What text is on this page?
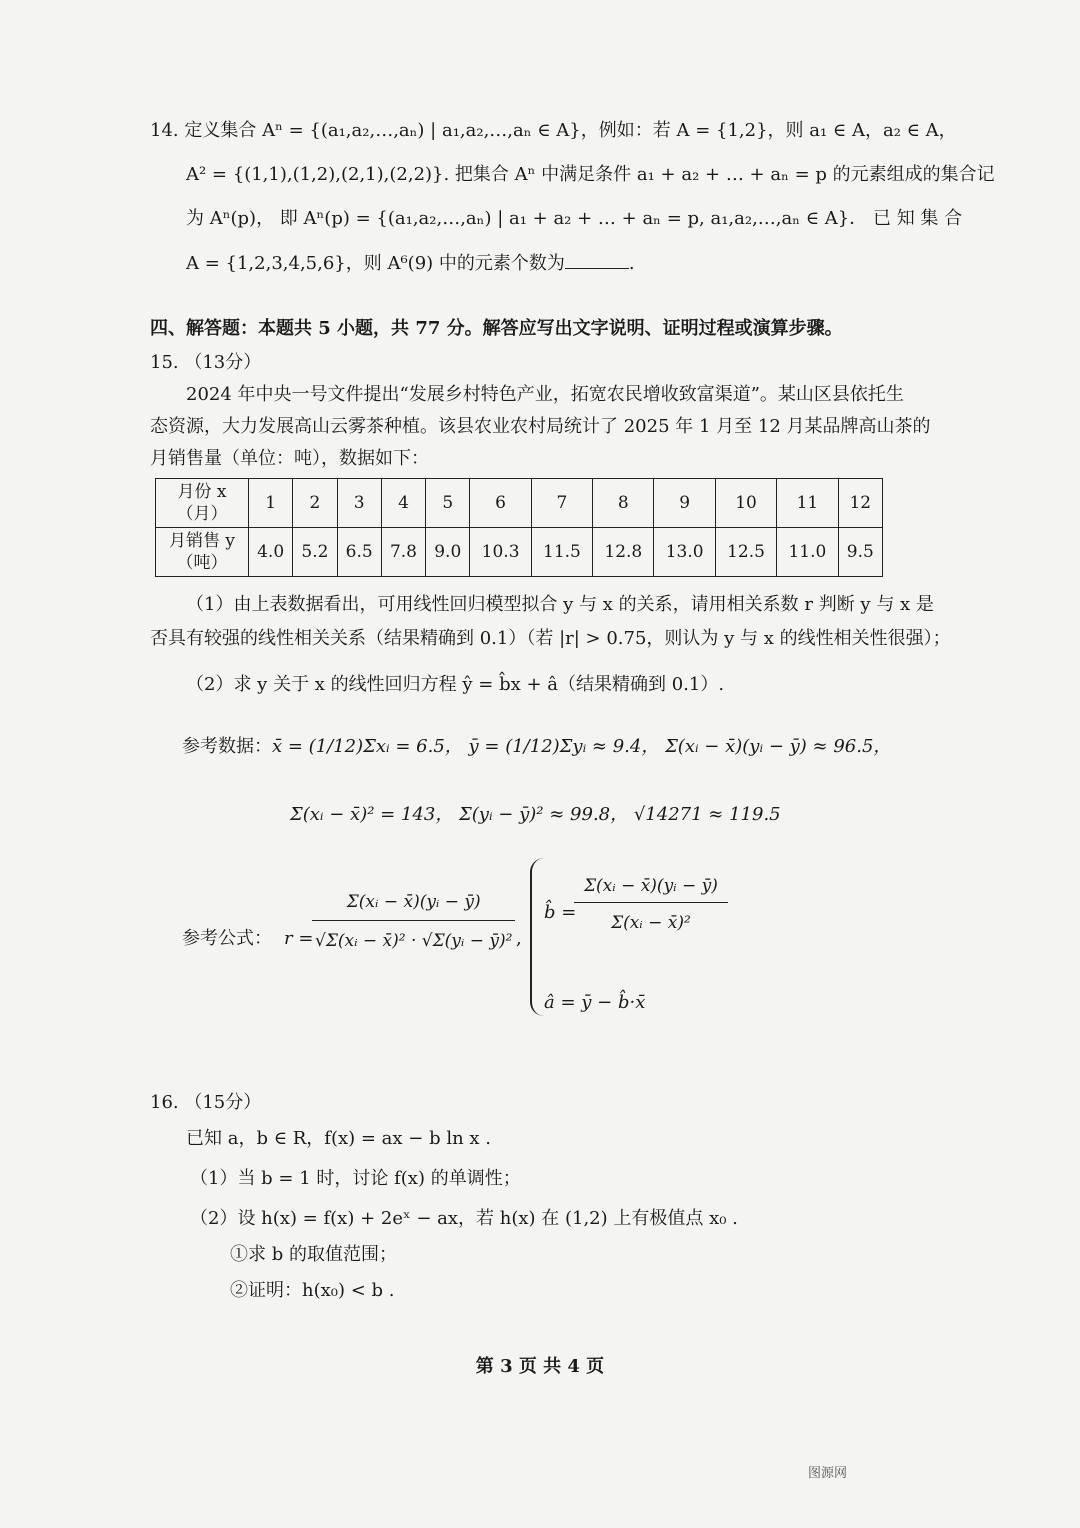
14. 定义集合 Aⁿ = {(a₁,a₂,…,aₙ) | a₁,a₂,…,aₙ ∈ A}，例如：若 A = {1,2}，则 a₁ ∈ A，a₂ ∈ A，
A² = {(1,1),(1,2),(2,1),(2,2)}. 把集合 Aⁿ 中满足条件 a₁ + a₂ + … + aₙ = p 的元素组成的集合记
为 Aⁿ(p)， 即 Aⁿ(p) = {(a₁,a₂,…,aₙ) | a₁ + a₂ + … + aₙ = p, a₁,a₂,…,aₙ ∈ A}． 已 知 集 合
A = {1,2,3,4,5,6}，则 A⁶(9) 中的元素个数为	.
四、解答题：本题共 5 小题，共 77 分。解答应写出文字说明、证明过程或演算步骤。
15. （13分）
2024 年中央一号文件提出“发展乡村特色产业，拓宽农民增收致富渠道”。某山区县依托生
态资源，大力发展高山云雾茶种植。该县农业农村局统计了 2025 年 1 月至 12 月某品牌高山茶的
月销售量（单位：吨），数据如下：
月份 x
（月）	1	2	3	4	5	6	7	8	9	10	11	12
月销售 y
（吨）	4.0	5.2	6.5	7.8	9.0	10.3	11.5	12.8	13.0	12.5	11.0	9.5
（1）由上表数据看出，可用线性回归模型拟合 y 与 x 的关系，请用相关系数 r 判断 y 与 x 是
否具有较强的线性相关关系（结果精确到 0.1）（若 |r| > 0.75，则认为 y 与 x 的线性相关性很强）；
（2）求 y 关于 x 的线性回归方程 ŷ = b̂x + â（结果精确到 0.1）.
参考数据：x̄ = (1/12)Σxᵢ = 6.5， ȳ = (1/12)Σyᵢ ≈ 9.4， Σ(xᵢ − x̄)(yᵢ − ȳ) ≈ 96.5，
Σ(xᵢ − x̄)² = 143， Σ(yᵢ − ȳ)² ≈ 99.8， √14271 ≈ 119.5
参考公式： r =
$\frac{\text{Σ(xᵢ − x̄)(yᵢ − ȳ)}}{\text{√Σ(xᵢ − x̄)² · √Σ(yᵢ − ȳ)²}}$ ,
b̂ =
$\frac{\text{Σ(xᵢ − x̄)(yᵢ − ȳ)}}{\text{Σ(xᵢ − x̄)²}}$
â = ȳ − b̂·x̄
16. （15分）
已知 a，b ∈ R，f(x) = ax − b ln x .
（1）当 b = 1 时，讨论 f(x) 的单调性；
（2）设 h(x) = f(x) + 2eˣ − ax，若 h(x) 在 (1,2) 上有极值点 x₀ .
①求 b 的取值范围；
②证明：h(x₀) < b .
第 3 页 共 4 页
图源网
